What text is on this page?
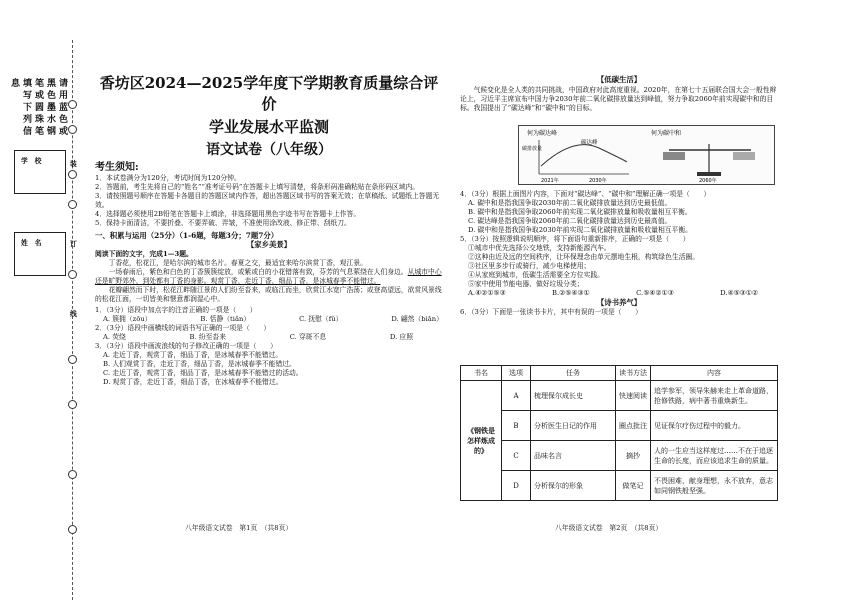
请用蓝色或黑色墨水钢笔或圆珠笔填写下列信息
装
订
线
学　校
姓　名
香坊区2024—2025学年度下学期教育质量综合评价
学业发展水平监测
语文试卷（八年级）
考生须知:
1．本试卷满分为120分，考试时间为120分钟。
2．答题前，考生先将自己的“姓名”“准考证号码”在答题卡上填写清楚，将条形码准确粘贴在条形码区域内。
3．请按照题号顺序在答题卡各题目的答题区域内作答，超出答题区域书写的答案无效；在草稿纸、试题纸上答题无效。
4．选择题必须使用2B铅笔在答题卡上填涂，非选择题用黑色字迹书写在答题卡上作答。
5．保持卡面清洁，不要折叠、不要弄破、弄皱，不准使用涂改液、修正带、刮纸刀。
一、积累与运用（25分）（1-6题，每题3分；7题7分）
【家乡美景】
阅读下面的文字，完成1—3题。
丁香花，松花江，是哈尔滨的城市名片。春夏之交，最适宜来哈尔滨赏丁香，观江景。
一场春雨后，紫色和白色的丁香簇簇绽放，或紫或白的小花错落有致，芬芳的气息萦绕在人们身边。从城市中心还是旷野郊外，到处都有丁香的身影。观赏丁香，走近丁香，细品丁香，是冰城春季不能错过。
花瓣翩然而下时，松花江畔随江景的人们纷至沓来，或临江而坐，欣赏江水宽广浩荡；或登高望远，欲赏风景线的松花江面，一切皆美和惬意都润湿心中。
1．（3分）语段中加点字的注音正确的一项是（　　）
A. 簇拥（zōu）	B. 恬静（tiǎn）	C. 抚慰（fǔ）	D. 翩然（biān）
2．（3分）语段中画横线的词语书写正确的一项是（　　）
A. 荧绕	B. 纷至沓来	C. 穿斑不息	D. 应照
3．（3分）语段中画波浪线的句子修改正确的一项是（　　）
A. 走近丁香，观赏丁香，细品丁香，是冰城春季不能错过。
B. 人们观赏丁香，走近丁香，细品丁香，是冰城春季不能错过。
C. 走近丁香，观赏丁香，细品丁香，是冰城春季不能错过的活动。
D. 观赏丁香，走近丁香，细品丁香，在冰城春季不能错过。
八年级语文试卷　第1页　（共8页）
【低碳生活】
气候变化是全人类的共同挑战，中国政府对此高度重视。2020年，在第七十五届联合国大会一般性辩论上，习近平主席宣布中国力争2030年前二氧化碳排放量达到峰值，努力争取2060年前实现碳中和的目标。我国提出了“碳达峰”和“碳中和”的目标。
何为碳达峰	何为碳中和
碳达峰
碳排放量
2021年	2030年	2060年
4．（3分）根据上面图片内容，下面对“碳达峰”、“碳中和”理解正确一项是（　　）
A. 碳中和是指我国争取2030年前二氧化碳排放量达到历史最低值。
B. 碳中和是指我国争取2060年前实现二氧化碳排放量和吸收量相互平衡。
C. 碳达峰是指我国争取2060年前二氧化碳排放量达到历史最高值。
D. 碳中和是指我国争取2030年前实现二氧化碳排放量和吸收量相互平衡。
5．（3分）按照逻辑说明顺序，将下面语句重新排序，正确的一项是（　　）
①城市中优先选择公交地铁，支持新能源汽车。
②这种由近及远的空间秩序，让环保理念由单元摆地生根，构筑绿色生活圈。
③社区里多步行或骑行，减少电梯使用；
④从家庭到城市，低碳生活需要全方位实践。
⑤家中使用节能电器、做好垃圾分类；
A.④②①⑤③	B.②⑤④③①	C.⑤④②①③	D.④⑤③①②
【诗书养气】
6．（3分）下面是一张读书卡片，其中有误的一项是（　　）
书名	选项	任务	读书方法	内容
《钢铁是怎样炼成的》	A	梳理保尔成长史	快速阅读	追学参军，领导朱赫来走上革命道路，抢修铁路，病中著书重焕新生。
	B	分析医生日记的作用	圈点批注	见证保尔疗伤过程中的毅力。
	C	品味名言	摘抄	人的一生应当这样度过……不在于追逐生命的长度，而应该追求生命的质量。
	D	分析保尔的形象	做笔记	不畏困难，献身理想，永不放弃，意志如同钢铁般坚强。
八年级语文试卷　第2页　（共8页）
